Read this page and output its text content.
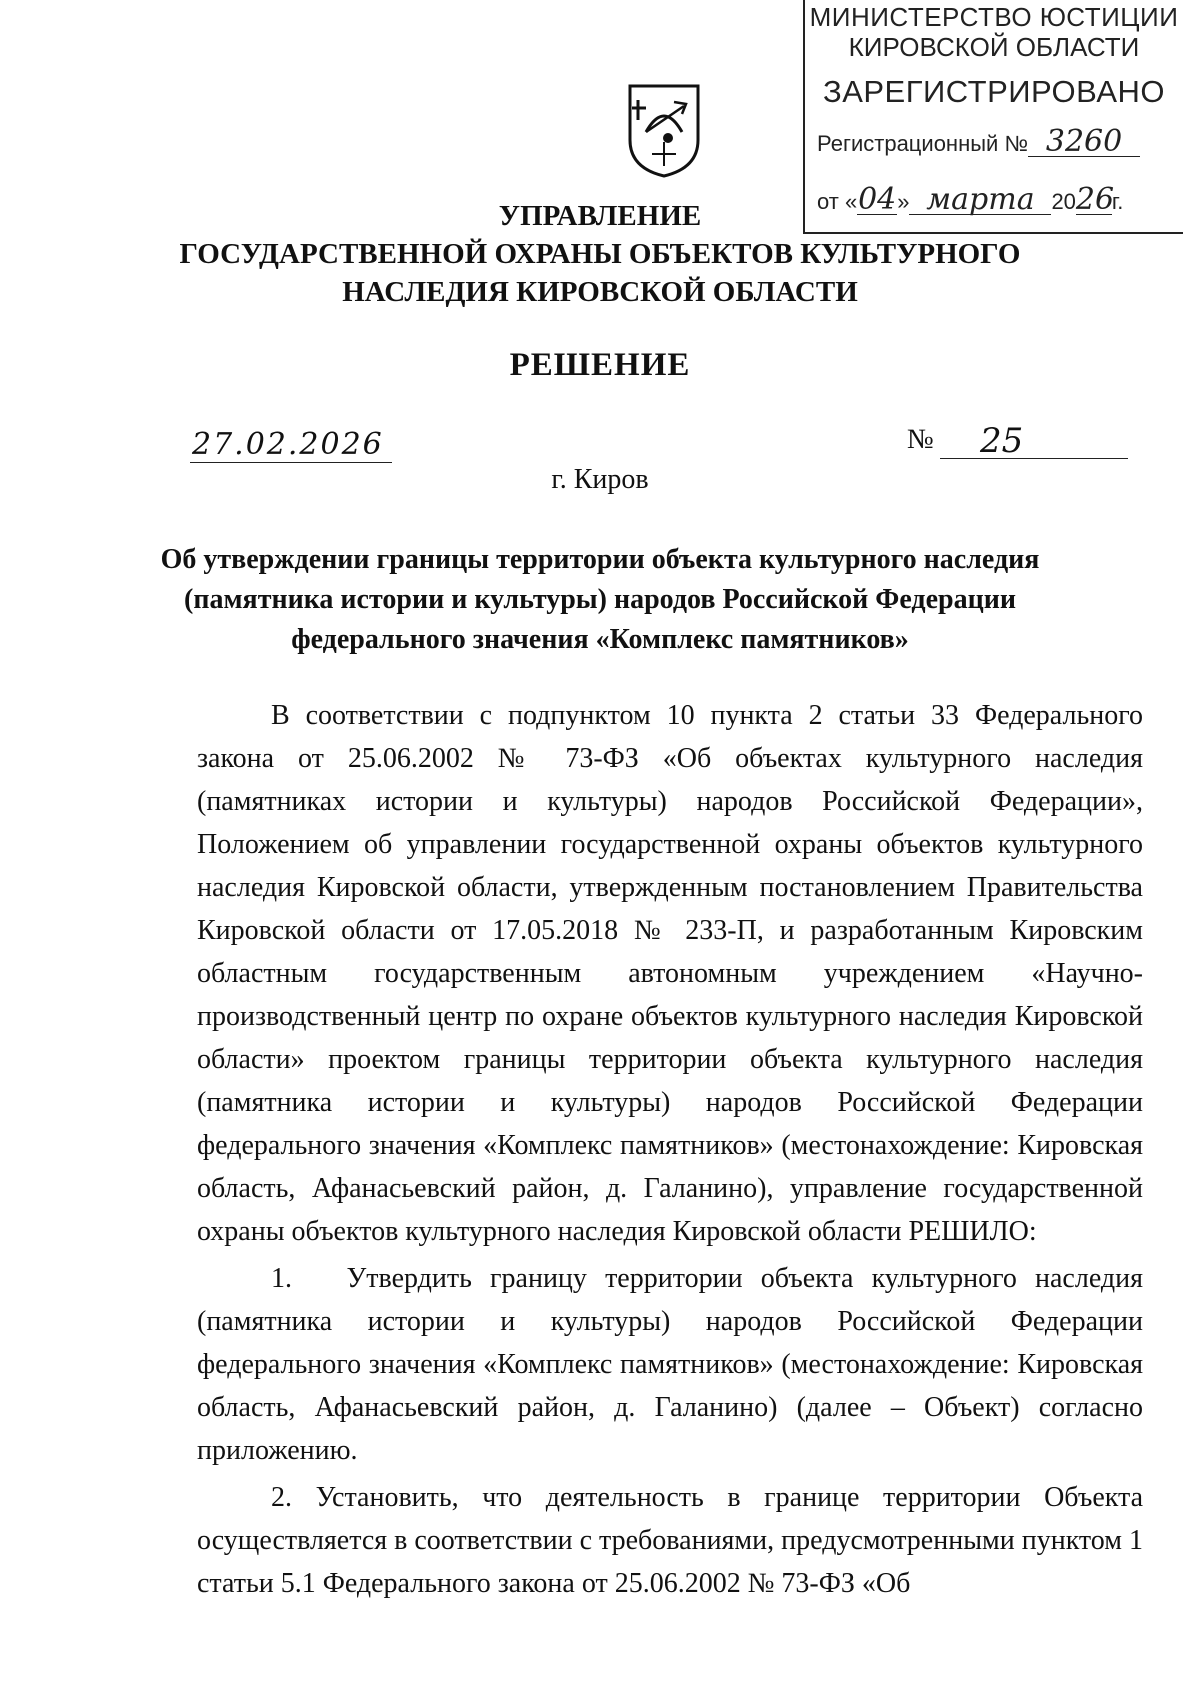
МИНИСТЕРСТВО ЮСТИЦИИ
КИРОВСКОЙ ОБЛАСТИ
ЗАРЕГИСТРИРОВАНО
Регистрационный № 3260
от «04» марта 2026г.
УПРАВЛЕНИЕ
ГОСУДАРСТВЕННОЙ ОХРАНЫ ОБЪЕКТОВ КУЛЬТУРНОГО
НАСЛЕДИЯ КИРОВСКОЙ ОБЛАСТИ
РЕШЕНИЕ
27.02.2026	№	25
г. Киров
Об утверждении границы территории объекта культурного наследия
(памятника истории и культуры) народов Российской Федерации
федерального значения «Комплекс памятников»

В соответствии с подпунктом 10 пункта 2 статьи 33 Федерального закона от 25.06.2002 № 73-ФЗ «Об объектах культурного наследия (памятниках истории и культуры) народов Российской Федерации», Положением об управлении государственной охраны объектов культурного наследия Кировской области, утвержденным постановлением Правительства Кировской области от 17.05.2018 № 233-П, и разработанным Кировским областным государственным автономным учреждением «Научно-производственный центр по охране объектов культурного наследия Кировской области» проектом границы территории объекта культурного наследия (памятника истории и культуры) народов Российской Федерации федерального значения «Комплекс памятников» (местонахождение: Кировская область, Афанасьевский район, д. Галанино), управление государственной охраны объектов культурного наследия Кировской области РЕШИЛО:

1.   Утвердить границу территории объекта культурного наследия (памятника истории и культуры) народов Российской Федерации федерального значения «Комплекс памятников» (местонахождение: Кировская область, Афанасьевский район, д. Галанино) (далее – Объект) согласно приложению.

2. Установить, что деятельность в границе территории Объекта осуществляется в соответствии с требованиями, предусмотренными пунктом 1 статьи 5.1 Федерального закона от 25.06.2002 № 73-ФЗ «Об
